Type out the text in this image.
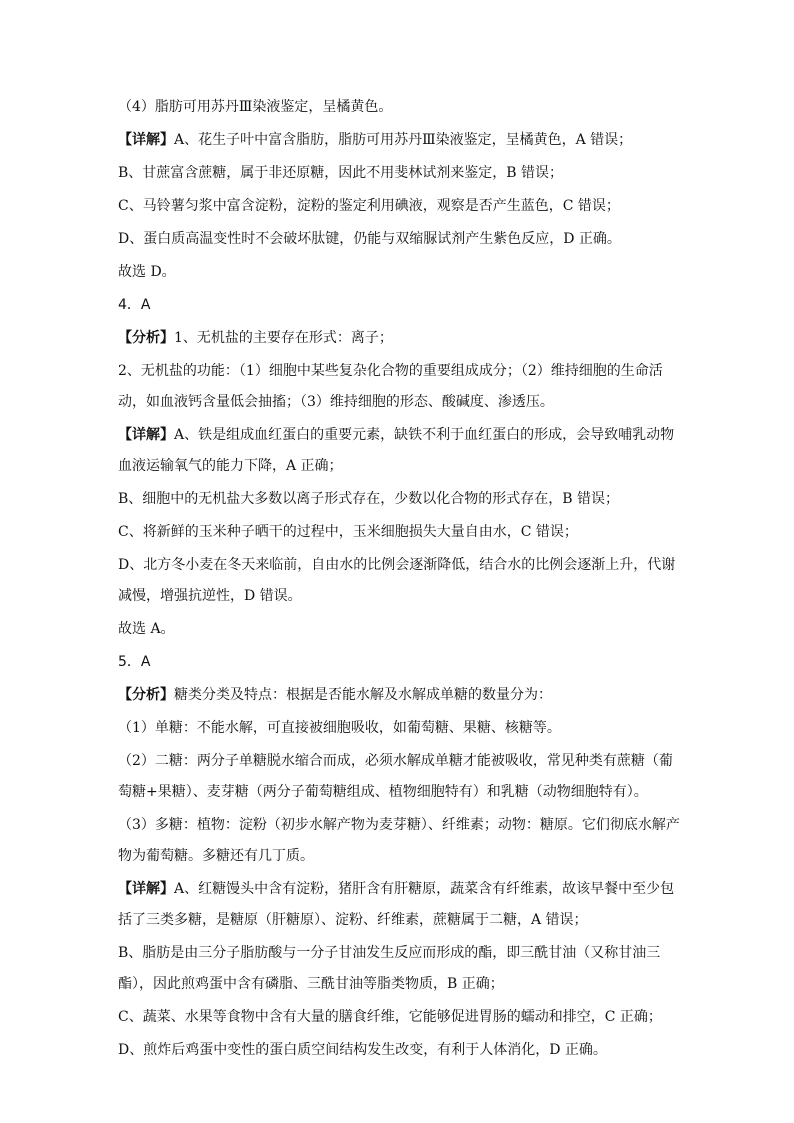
（4）脂肪可用苏丹Ⅲ染液鉴定，呈橘黄色。
【详解】A、花生子叶中富含脂肪，脂肪可用苏丹Ⅲ染液鉴定，呈橘黄色，A 错误；
B、甘蔗富含蔗糖，属于非还原糖，因此不用斐林试剂来鉴定，B 错误；
C、马铃薯匀浆中富含淀粉，淀粉的鉴定利用碘液，观察是否产生蓝色，C 错误；
D、蛋白质高温变性时不会破坏肽键，仍能与双缩脲试剂产生紫色反应，D 正确。
故选 D。
4．A
【分析】1、无机盐的主要存在形式：离子；
2、无机盐的功能：（1）细胞中某些复杂化合物的重要组成成分；（2）维持细胞的生命活动，如血液钙含量低会抽搐；（3）维持细胞的形态、酸碱度、渗透压。
【详解】A、铁是组成血红蛋白的重要元素，缺铁不利于血红蛋白的形成，会导致哺乳动物血液运输氧气的能力下降，A 正确；
B、细胞中的无机盐大多数以离子形式存在，少数以化合物的形式存在，B 错误；
C、将新鲜的玉米种子晒干的过程中，玉米细胞损失大量自由水，C 错误；
D、北方冬小麦在冬天来临前，自由水的比例会逐渐降低，结合水的比例会逐渐上升，代谢减慢，增强抗逆性，D 错误。
故选 A。
5．A
【分析】糖类分类及特点：根据是否能水解及水解成单糖的数量分为：
（1）单糖：不能水解，可直接被细胞吸收，如葡萄糖、果糖、核糖等。
（2）二糖：两分子单糖脱水缩合而成，必须水解成单糖才能被吸收，常见种类有蔗糖（葡萄糖+果糖）、麦芽糖（两分子葡萄糖组成、植物细胞特有）和乳糖（动物细胞特有）。
（3）多糖：植物：淀粉（初步水解产物为麦芽糖）、纤维素；动物：糖原。它们彻底水解产物为葡萄糖。多糖还有几丁质。
【详解】A、红糖馒头中含有淀粉，猪肝含有肝糖原，蔬菜含有纤维素，故该早餐中至少包括了三类多糖，是糖原（肝糖原）、淀粉、纤维素，蔗糖属于二糖，A 错误；
B、脂肪是由三分子脂肪酸与一分子甘油发生反应而形成的酯，即三酰甘油（又称甘油三酯），因此煎鸡蛋中含有磷脂、三酰甘油等脂类物质，B 正确；
C、蔬菜、水果等食物中含有大量的膳食纤维，它能够促进胃肠的蠕动和排空，C 正确；
D、煎炸后鸡蛋中变性的蛋白质空间结构发生改变，有利于人体消化，D 正确。
